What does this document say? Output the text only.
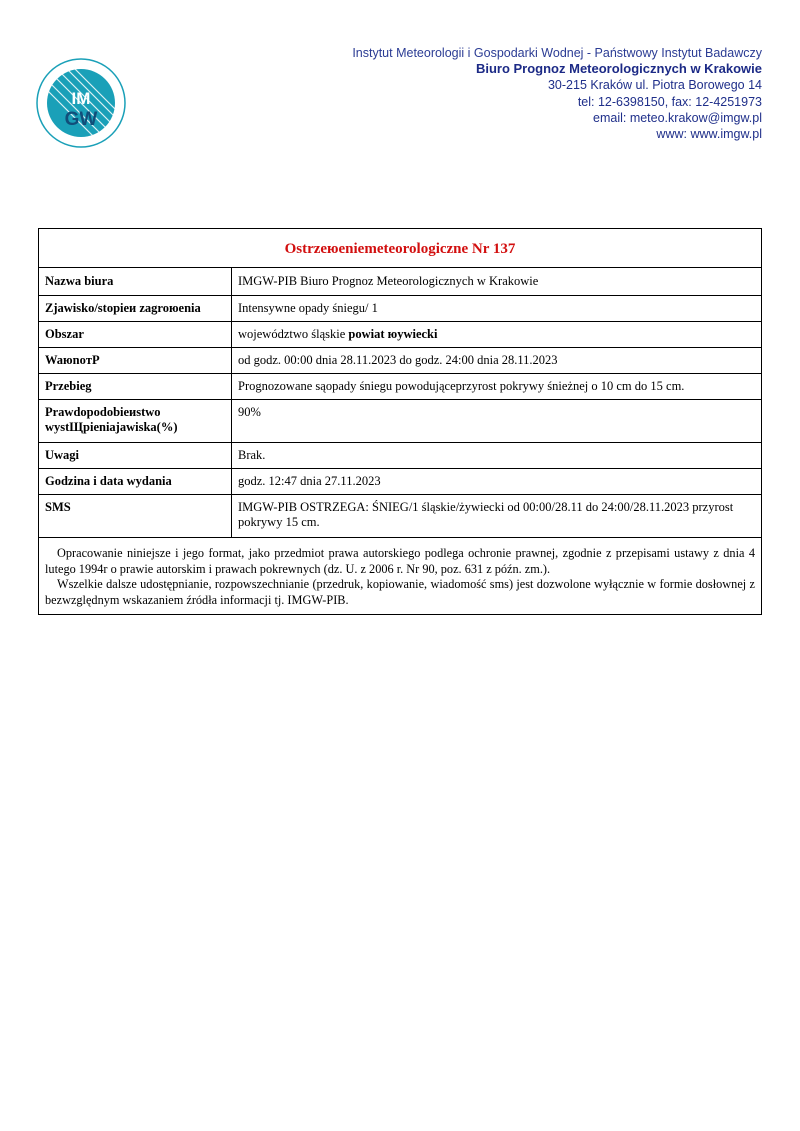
IM
GW
Instytut Meteorologii i Gospodarki Wodnej - Państwowy Instytut Badawczy
Biuro Prognoz Meteorologicznych w Krakowie
30-215 Kraków ul. Piotra Borowego 14
tel: 12-6398150, fax: 12-4251973
email: meteo.krakow@imgw.pl
www: www.imgw.pl
Ostrzeюeniemeteorologiczne Nr 137
Nazwa biura	IMGW-PIB Biuro Prognoz Meteorologicznych w Krakowie
Zjawisko/stopieи zagroюenia	Intensywne opady śniegu/ 1
Obszar	województwo śląskie powiat юywiecki
WaюnoтР	od godz. 00:00 dnia 28.11.2023 do godz. 24:00 dnia 28.11.2023
Przebieg	Prognozowane sąopady śniegu powodująceprzyrost pokrywy śnieżnej o 10 cm do 15 cm.
Prawdopodobieиstwo wystЩpieniajawiska(%)	90%
Uwagi	Brak.
Godzina i data wydania	godz. 12:47 dnia 27.11.2023
SMS	IMGW-PIB OSTRZEGA: ŚNIEG/1 śląskie/żywiecki od 00:00/28.11 do 24:00/28.11.2023 przyrost pokrywy 15 cm.

Opracowanie niniejsze i jego format, jako przedmiot prawa autorskiego podlega ochronie prawnej, zgodnie z przepisami ustawy z dnia 4 lutego 1994r o prawie autorskim i prawach pokrewnych (dz. U. z 2006 r. Nr 90, poz. 631 z późn. zm.).

Wszelkie dalsze udostępnianie, rozpowszechnianie (przedruk, kopiowanie, wiadomość sms) jest dozwolone wyłącznie w formie dosłownej z bezwzględnym wskazaniem źródła informacji tj. IMGW-PIB.
